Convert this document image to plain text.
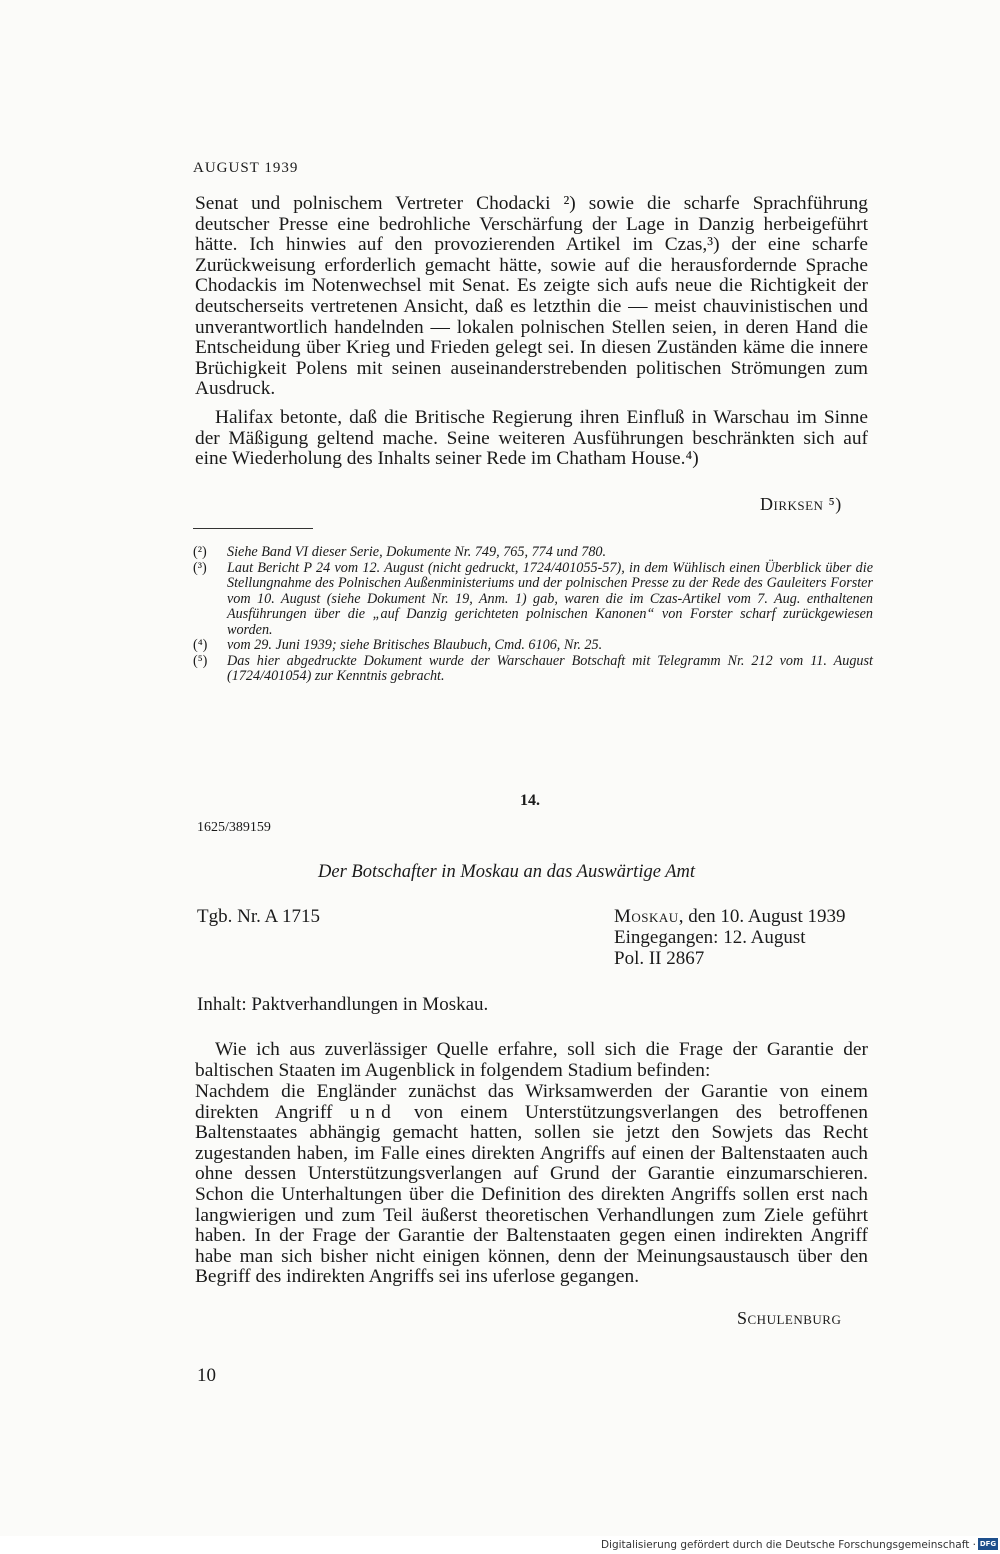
AUGUST 1939

Senat und polnischem Vertreter Chodacki ²) sowie die scharfe Sprachführung deutscher Presse eine bedrohliche Verschärfung der Lage in Danzig herbeigeführt hätte. Ich hinwies auf den provozierenden Artikel im Czas,³) der eine scharfe Zurückweisung erforderlich gemacht hätte, sowie auf die herausfordernde Sprache Chodackis im Notenwechsel mit Senat. Es zeigte sich aufs neue die Richtigkeit der deutscherseits vertretenen Ansicht, daß es letzthin die — meist chauvinistischen und unverantwortlich handelnden — lokalen polnischen Stellen seien, in deren Hand die Entscheidung über Krieg und Frieden gelegt sei. In diesen Zuständen käme die innere Brüchigkeit Polens mit seinen auseinanderstrebenden politischen Strömungen zum Ausdruck.

Halifax betonte, daß die Britische Regierung ihren Einfluß in Warschau im Sinne der Mäßigung geltend mache. Seine weiteren Ausführungen beschränkten sich auf eine Wiederholung des Inhalts seiner Rede im Chatham House.⁴)

Dirksen ⁵)
(²)	Siehe Band VI dieser Serie, Dokumente Nr. 749, 765, 774 und 780.
(³)	Laut Bericht P 24 vom 12. August (nicht gedruckt, 1724/401055-57), in dem Wühlisch einen Überblick über die Stellungnahme des Polnischen Außenministeriums und der polnischen Presse zu der Rede des Gauleiters Forster vom 10. August (siehe Dokument Nr. 19, Anm. 1) gab, waren die im Czas-Artikel vom 7. Aug. enthaltenen Ausführungen über die „auf Danzig gerichteten polnischen Kanonen“ von Forster scharf zurückgewiesen worden.
(⁴)	vom 29. Juni 1939; siehe Britisches Blaubuch, Cmd. 6106, Nr. 25.
(⁵)	Das hier abgedruckte Dokument wurde der Warschauer Botschaft mit Telegramm Nr. 212 vom 11. August (1724/401054) zur Kenntnis gebracht.
14.
1625/389159
Der Botschafter in Moskau an das Auswärtige Amt
Tgb. Nr. A 1715	Moskau, den 10. August 1939
Eingegangen: 12. August
Pol. II 2867
Inhalt: Paktverhandlungen in Moskau.

Wie ich aus zuverlässiger Quelle erfahre, soll sich die Frage der Garantie der baltischen Staaten im Augenblick in folgendem Stadium befinden:

Nachdem die Engländer zunächst das Wirksamwerden der Garantie von einem direkten Angriff und von einem Unterstützungsverlangen des betroffenen Baltenstaates abhängig gemacht hatten, sollen sie jetzt den Sowjets das Recht zugestanden haben, im Falle eines direkten Angriffs auf einen der Baltenstaaten auch ohne dessen Unterstützungsverlangen auf Grund der Garantie einzumarschieren. Schon die Unterhaltungen über die Definition des direkten Angriffs sollen erst nach langwierigen und zum Teil äußerst theoretischen Verhandlungen zum Ziele geführt haben. In der Frage der Garantie der Baltenstaaten gegen einen indirekten Angriff habe man sich bisher nicht einigen können, denn der Meinungsaustausch über den Begriff des indirekten Angriffs sei ins uferlose gegangen.

Schulenburg
10
Digitalisierung gefördert durch die Deutsche Forschungsgemeinschaft · DFG
